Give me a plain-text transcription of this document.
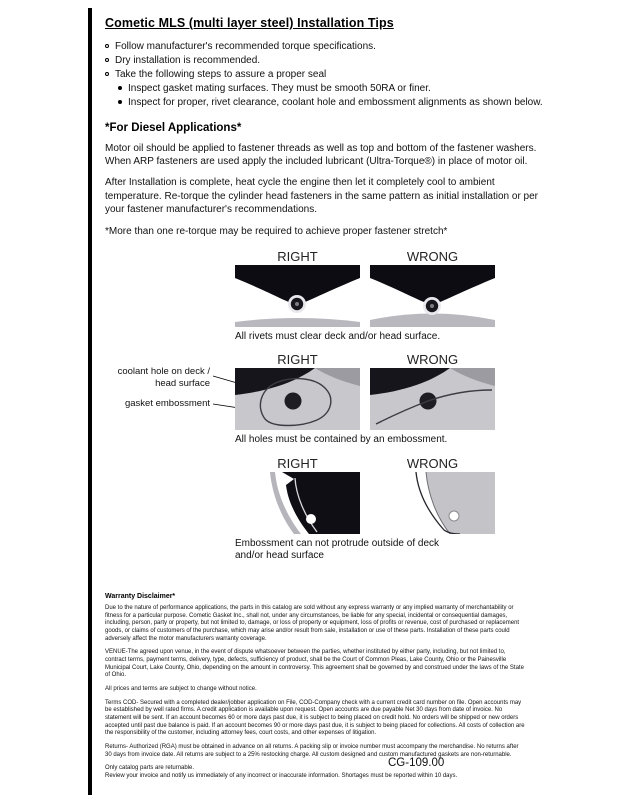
Cometic MLS (multi layer steel) Installation Tips
Follow manufacturer's recommended torque specifications.
Dry installation is recommended.
Take the following steps to assure a proper seal
Inspect gasket mating surfaces. They must be smooth 50RA or finer.
Inspect for proper, rivet clearance, coolant hole and embossment alignments as shown below.
*For Diesel Applications*
Motor oil should be applied to fastener threads as well as top and bottom of the fastener washers. When ARP fasteners are used apply the included lubricant (Ultra-Torque®) in place of motor oil.
After Installation is complete, heat cycle the engine then let it completely cool to ambient temperature. Re-torque the cylinder head fasteners in the same pattern as initial installation or per your fastener manufacturer's recommendations.
*More than one re-torque may be required to achieve proper fastener stretch*
RIGHT	WRONG
All rivets must clear deck and/or head surface.
RIGHT	WRONG
coolant hole on deck / head surface
gasket embossment
All holes must be contained by an embossment.
RIGHT	WRONG
Embossment can not protrude outside of deck and/or head surface
Warranty Disclaimer*
Due to the nature of performance applications, the parts in this catalog are sold without any express warranty or any implied warranty of merchantability or fitness for a particular purpose. Cometic Gasket Inc., shall not, under any circumstances, be liable for any special, incidental or consequential damages, including, person, party or property, but not limited to, damage, or loss of property or equipment, loss of profits or revenue, cost of purchased or replacement goods, or claims of customers of the purchase, which may arise and/or result from sale, installation or use of these parts. Installation of these parts could adversely affect the motor manufacturers warranty coverage.
VENUE-The agreed upon venue, in the event of dispute whatsoever between the parties, whether instituted by either party, including, but not limited to, contract terms, payment terms, delivery, type, defects, sufficiency of product, shall be the Court of Common Pleas, Lake County, Ohio or the Painesville Municipal Court, Lake County, Ohio, depending on the amount in controversy. This agreement shall be governed by and construed under the laws of the State of Ohio.
All prices and terms are subject to change without notice.
Terms COD- Secured with a completed dealer/jobber application on File, COD-Company check with a current credit card number on file. Open accounts may be established by well rated firms. A credit application is available upon request. Open accounts are due payable Net 30 days from date of invoice. No statement will be sent. If an account becomes 60 or more days past due, it is subject to being placed on credit hold. No orders will be shipped or new orders accepted until past due balance is paid. If an account becomes 90 or more days past due, it is subject to being placed for collections. All costs of collection are the responsibility of the customer, including attorney fees, court costs, and other expenses of litigation.
Returns- Authorized (RGA) must be obtained in advance on all returns. A packing slip or invoice number must accompany the merchandise. No returns after 30 days from invoice date. All returns are subject to a 25% restocking charge. All custom designed and custom manufactured gaskets are non-returnable.
Only catalog parts are returnable.
Review your invoice and notify us immediately of any incorrect or inaccurate information. Shortages must be reported within 10 days.
CG-109.00
